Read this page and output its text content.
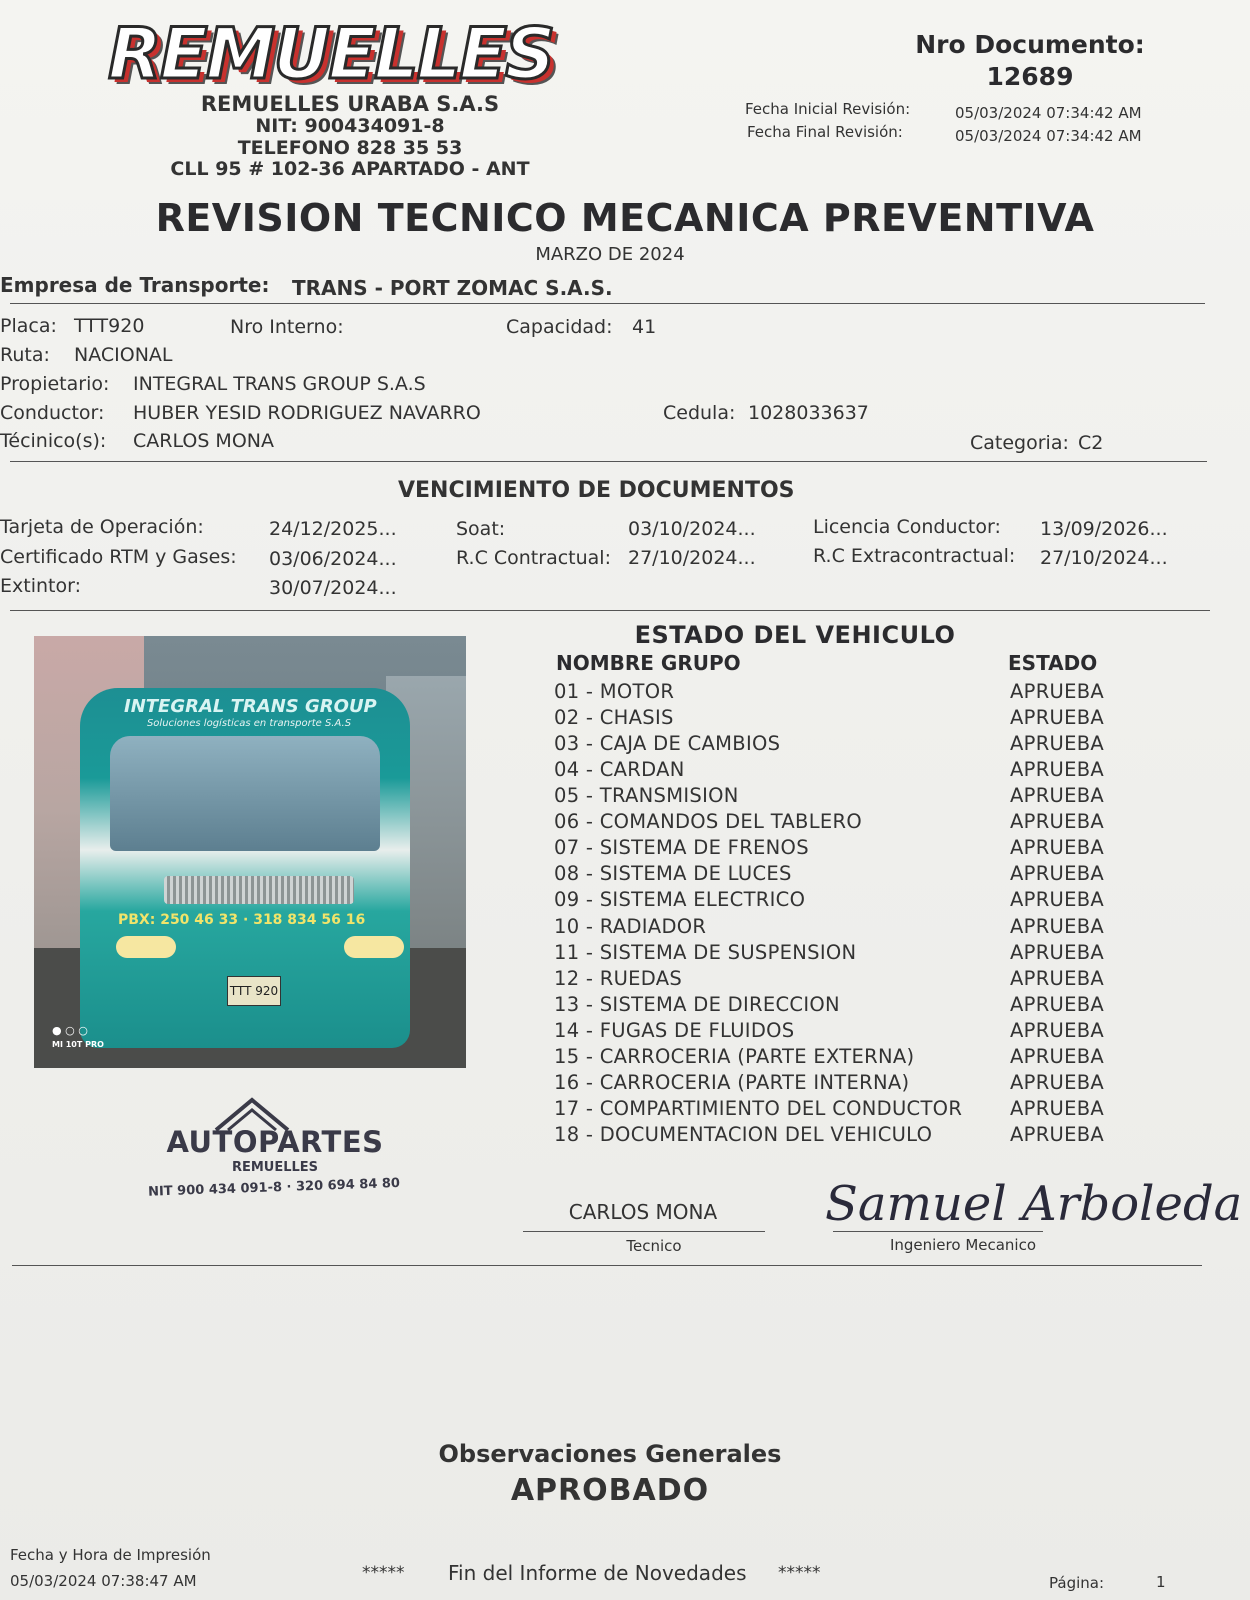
REMUELLES
REMUELLES URABA S.A.S
NIT: 900434091-8
TELEFONO 828 35 53
CLL 95 # 102-36 APARTADO - ANT
Nro Documento:
12689
Fecha Inicial Revisión:	05/03/2024 07:34:42 AM
Fecha Final Revisión:	05/03/2024 07:34:42 AM
REVISION TECNICO MECANICA PREVENTIVA
MARZO DE 2024
Empresa de Transporte: TRANS - PORT ZOMAC S.A.S.
Placa: TTT920	Nro Interno:	Capacidad: 41
Ruta: NACIONAL
Propietario: INTEGRAL TRANS GROUP S.A.S
Conductor: HUBER YESID RODRIGUEZ NAVARRO	Cedula: 1028033637
Técinico(s): CARLOS MONA	Categoria: C2
VENCIMIENTO DE DOCUMENTOS
Tarjeta de Operación:	24/12/2025...	Soat:	03/10/2024...	Licencia Conductor: 13/09/2026...
Certificado RTM y Gases: 03/06/2024...	R.C Contractual: 27/10/2024...	R.C Extracontractual: 27/10/2024...
Extintor:	30/07/2024...
INTEGRAL TRANS GROUP
Soluciones logísticas en transporte S.A.S
PBX: 250 46 33 · 318 834 56 16
TTT 920
● ○ ○
MI 10T PRO
AUTOPARTES
REMUELLES
NIT 900 434 091-8 · 320 694 84 80
ESTADO DEL VEHICULO
NOMBRE GRUPO	ESTADO
01 - MOTOR	APRUEBA
02 - CHASIS	APRUEBA
03 - CAJA DE CAMBIOS	APRUEBA
04 - CARDAN	APRUEBA
05 - TRANSMISION	APRUEBA
06 - COMANDOS DEL TABLERO	APRUEBA
07 - SISTEMA DE FRENOS	APRUEBA
08 - SISTEMA DE LUCES	APRUEBA
09 - SISTEMA ELECTRICO	APRUEBA
10 - RADIADOR	APRUEBA
11 - SISTEMA DE SUSPENSION	APRUEBA
12 - RUEDAS	APRUEBA
13 - SISTEMA DE DIRECCION	APRUEBA
14 - FUGAS DE FLUIDOS	APRUEBA
15 - CARROCERIA (PARTE EXTERNA)	APRUEBA
16 - CARROCERIA (PARTE INTERNA)	APRUEBA
17 - COMPARTIMIENTO DEL CONDUCTOR APRUEBA
18 - DOCUMENTACION DEL VEHICULO	APRUEBA
CARLOS MONA
Tecnico
Samuel Arboleda
Ingeniero Mecanico
Observaciones Generales
APROBADO
Fecha y Hora de Impresión
05/03/2024 07:38:47 AM	***** Fin del Informe de Novedades *****	Página:	1
